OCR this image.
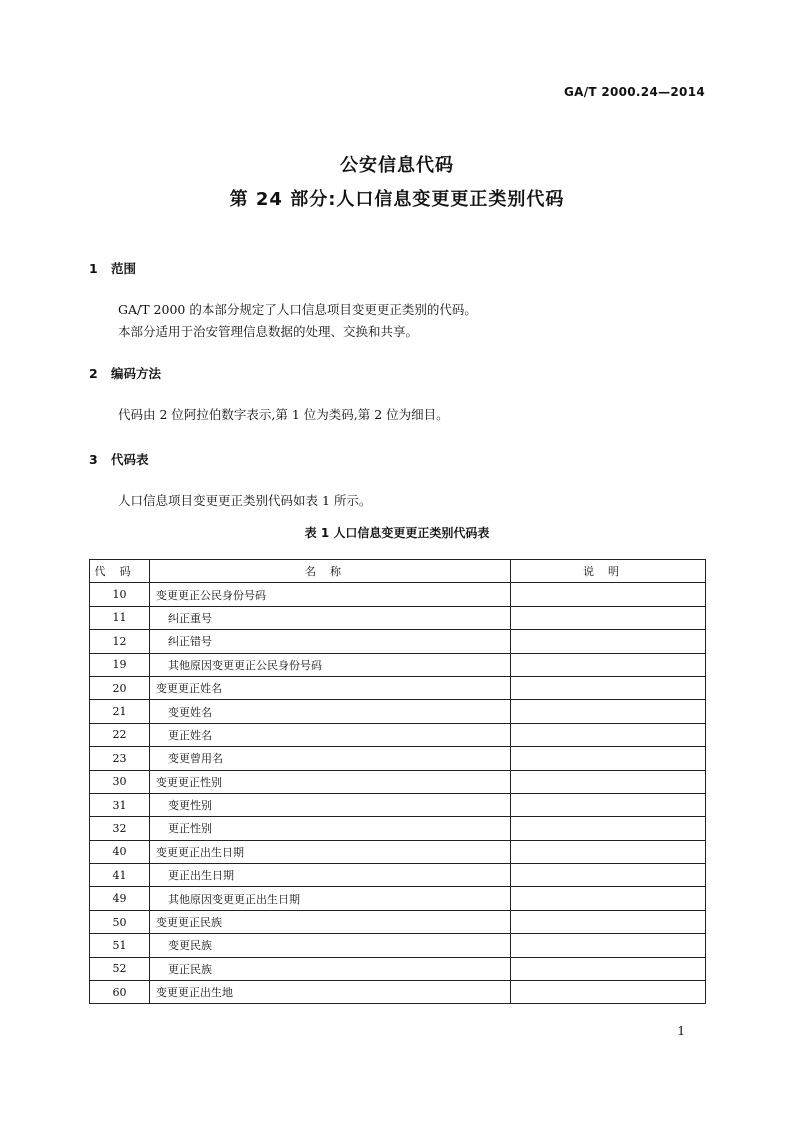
GA/T 2000.24—2014
公安信息代码
第 24 部分:人口信息变更更正类别代码
1 范围
GA/T 2000 的本部分规定了人口信息项目变更更正类别的代码。
本部分适用于治安管理信息数据的处理、交换和共享。
2 编码方法
代码由 2 位阿拉伯数字表示,第 1 位为类码,第 2 位为细目。
3 代码表
人口信息项目变更更正类别代码如表 1 所示。
表 1 人口信息变更更正类别代码表
代码	名称	说明
10	变更更正公民身份号码	
11	纠正重号	
12	纠正错号	
19	其他原因变更更正公民身份号码	
20	变更更正姓名	
21	变更姓名	
22	更正姓名	
23	变更曾用名	
30	变更更正性别	
31	变更性别	
32	更正性别	
40	变更更正出生日期	
41	更正出生日期	
49	其他原因变更更正出生日期	
50	变更更正民族	
51	变更民族	
52	更正民族	
60	变更更正出生地	
1
